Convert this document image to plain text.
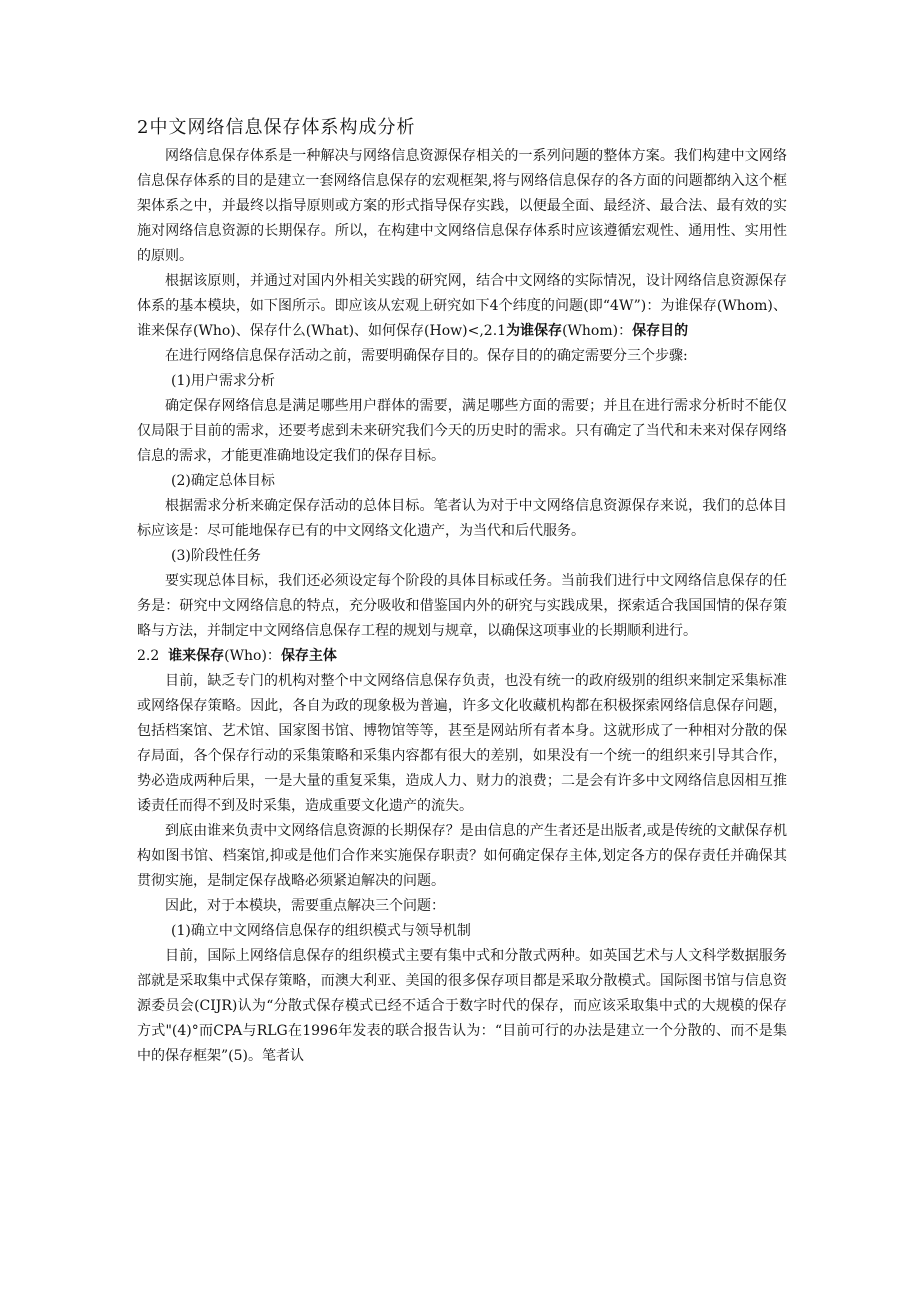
2中文网络信息保存体系构成分析

网络信息保存体系是一种解决与网络信息资源保存相关的一系列问题的整体方案。我们构建中文网络信息保存体系的目的是建立一套网络信息保存的宏观框架,将与网络信息保存的各方面的问题都纳入这个框架体系之中，并最终以指导原则或方案的形式指导保存实践，以便最全面、最经济、最合法、最有效的实施对网络信息资源的长期保存。所以，在构建中文网络信息保存体系时应该遵循宏观性、通用性、实用性的原则。

根据该原则，并通过对国内外相关实践的研究网，结合中文网络的实际情况，设计网络信息资源保存体系的基本模块，如下图所示。即应该从宏观上研究如下4个纬度的问题(即“4W”)：为谁保存(Whom)、谁来保存(Who)、保存什么(What)、如何保存(How)<,2.1为谁保存(Whom)：保存目的

在进行网络信息保存活动之前，需要明确保存目的。保存目的的确定需要分三个步骤:

(1)用户需求分析

确定保存网络信息是满足哪些用户群体的需要，满足哪些方面的需要；并且在进行需求分析时不能仅仅局限于目前的需求，还要考虑到未来研究我们今天的历史时的需求。只有确定了当代和未来对保存网络信息的需求，才能更准确地设定我们的保存目标。

(2)确定总体目标

根据需求分析来确定保存活动的总体目标。笔者认为对于中文网络信息资源保存来说，我们的总体目标应该是：尽可能地保存已有的中文网络文化遗产，为当代和后代服务。

(3)阶段性任务

要实现总体目标，我们还必须设定每个阶段的具体目标或任务。当前我们进行中文网络信息保存的任务是：研究中文网络信息的特点，充分吸收和借鉴国内外的研究与实践成果，探索适合我国国情的保存策略与方法，并制定中文网络信息保存工程的规划与规章，以确保这项事业的长期顺利进行。

2.2 谁来保存(Who)：保存主体

目前，缺乏专门的机构对整个中文网络信息保存负责，也没有统一的政府级别的组织来制定采集标准或网络保存策略。因此，各自为政的现象极为普遍，许多文化收藏机构都在积极探索网络信息保存问题，包括档案馆、艺术馆、国家图书馆、博物馆等等，甚至是网站所有者本身。这就形成了一种相对分散的保存局面，各个保存行动的采集策略和采集内容都有很大的差别，如果没有一个统一的组织来引导其合作，势必造成两种后果，一是大量的重复采集，造成人力、财力的浪费；二是会有许多中文网络信息因相互推诿责任而得不到及时采集，造成重要文化遗产的流失。

到底由谁来负责中文网络信息资源的长期保存？是由信息的产生者还是出版者,或是传统的文献保存机构如图书馆、档案馆,抑或是他们合作来实施保存职责？如何确定保存主体,划定各方的保存责任并确保其贯彻实施，是制定保存战略必须紧迫解决的问题。

因此，对于本模块，需要重点解决三个问题：

(1)确立中文网络信息保存的组织模式与领导机制

目前，国际上网络信息保存的组织模式主要有集中式和分散式两种。如英国艺术与人文科学数据服务部就是采取集中式保存策略，而澳大利亚、美国的很多保存项目都是采取分散模式。国际图书馆与信息资源委员会(CIJR)认为“分散式保存模式已经不适合于数字时代的保存，而应该采取集中式的大规模的保存方式"(4)°而CPA与RLG在1996年发表的联合报告认为：“目前可行的办法是建立一个分散的、而不是集中的保存框架”(5)。笔者认
